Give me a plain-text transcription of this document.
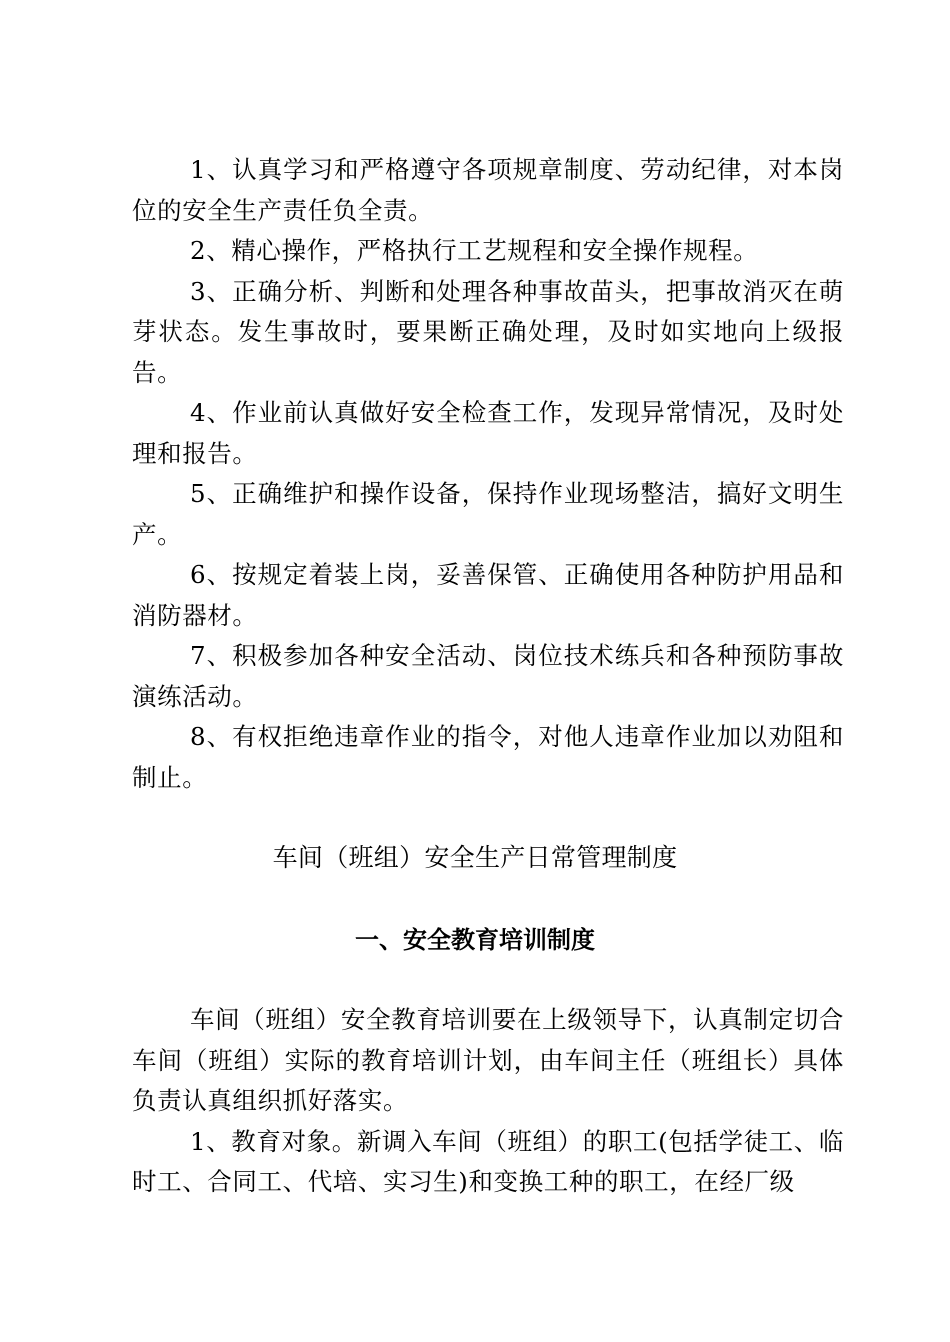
1、认真学习和严格遵守各项规章制度、劳动纪律，对本岗位的安全生产责任负全责。

2、精心操作，严格执行工艺规程和安全操作规程。

3、正确分析、判断和处理各种事故苗头，把事故消灭在萌芽状态。发生事故时，要果断正确处理，及时如实地向上级报告。

4、作业前认真做好安全检查工作，发现异常情况，及时处理和报告。

5、正确维护和操作设备，保持作业现场整洁，搞好文明生产。

6、按规定着装上岗，妥善保管、正确使用各种防护用品和消防器材。

7、积极参加各种安全活动、岗位技术练兵和各种预防事故演练活动。

8、有权拒绝违章作业的指令，对他人违章作业加以劝阻和制止。

车间（班组）安全生产日常管理制度
一、安全教育培训制度

车间（班组）安全教育培训要在上级领导下，认真制定切合车间（班组）实际的教育培训计划，由车间主任（班组长）具体负责认真组织抓好落实。

1、教育对象。新调入车间（班组）的职工(包括学徒工、临时工、合同工、代培、实习生)和变换工种的职工，在经厂级
